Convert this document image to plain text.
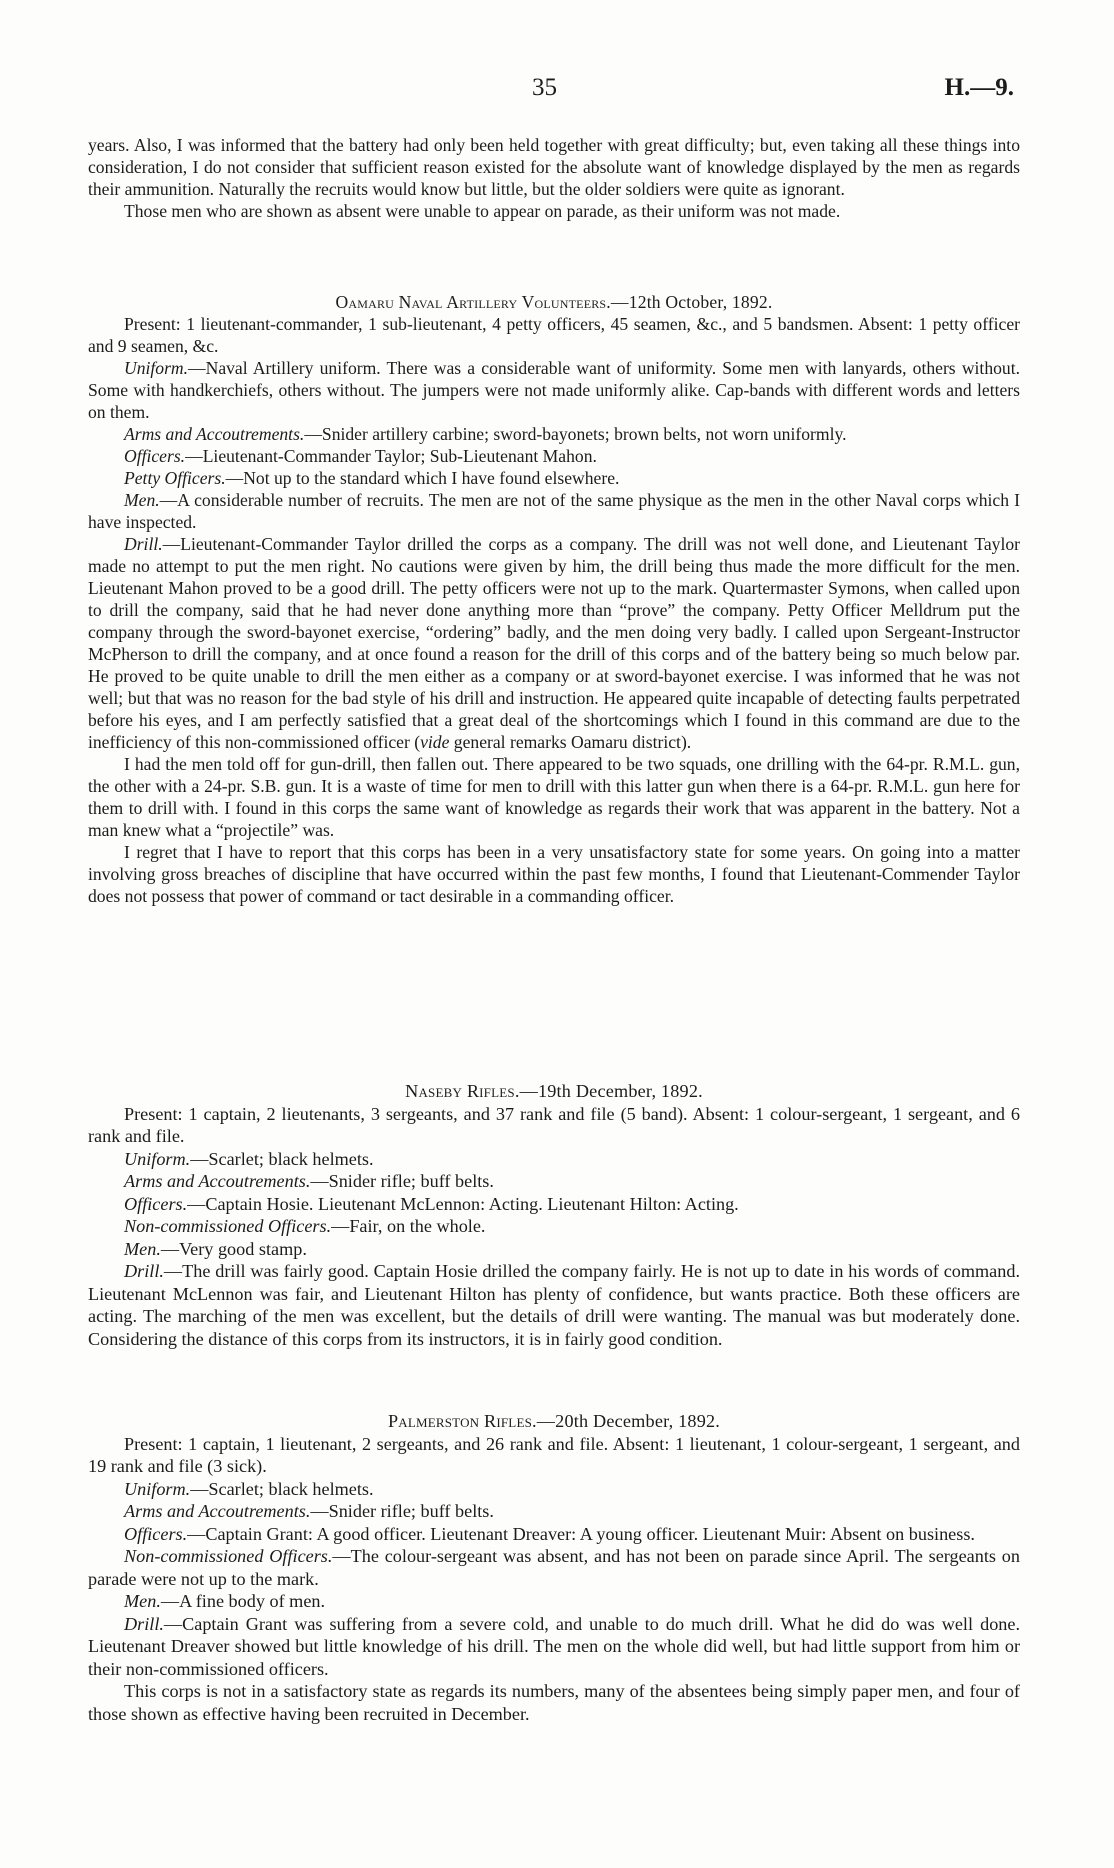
35	H.—9.

years. Also, I was informed that the battery had only been held together with great difficulty; but, even taking all these things into consideration, I do not consider that sufficient reason existed for the absolute want of knowledge displayed by the men as regards their ammunition. Naturally the recruits would know but little, but the older soldiers were quite as ignorant.

Those men who are shown as absent were unable to appear on parade, as their uniform was not made.

Oamaru Naval Artillery Volunteers.—12th October, 1892.

Present: 1 lieutenant-commander, 1 sub-lieutenant, 4 petty officers, 45 seamen, &c., and 5 bandsmen. Absent: 1 petty officer and 9 seamen, &c.

Uniform.—Naval Artillery uniform. There was a considerable want of uniformity. Some men with lanyards, others without. Some with handkerchiefs, others without. The jumpers were not made uniformly alike. Cap-bands with different words and letters on them.

Arms and Accoutrements.—Snider artillery carbine; sword-bayonets; brown belts, not worn uniformly.

Officers.—Lieutenant-Commander Taylor; Sub-Lieutenant Mahon.

Petty Officers.—Not up to the standard which I have found elsewhere.

Men.—A considerable number of recruits. The men are not of the same physique as the men in the other Naval corps which I have inspected.

Drill.—Lieutenant-Commander Taylor drilled the corps as a company. The drill was not well done, and Lieutenant Taylor made no attempt to put the men right. No cautions were given by him, the drill being thus made the more difficult for the men. Lieutenant Mahon proved to be a good drill. The petty officers were not up to the mark. Quartermaster Symons, when called upon to drill the company, said that he had never done anything more than “prove” the company. Petty Officer Melldrum put the company through the sword-bayonet exercise, “ordering” badly, and the men doing very badly. I called upon Sergeant-Instructor McPherson to drill the company, and at once found a reason for the drill of this corps and of the battery being so much below par. He proved to be quite unable to drill the men either as a company or at sword-bayonet exercise. I was informed that he was not well; but that was no reason for the bad style of his drill and instruction. He appeared quite incapable of detecting faults perpetrated before his eyes, and I am perfectly satisfied that a great deal of the shortcomings which I found in this command are due to the inefficiency of this non-commissioned officer (vide general remarks Oamaru district).

I had the men told off for gun-drill, then fallen out. There appeared to be two squads, one drilling with the 64-pr. R.M.L. gun, the other with a 24-pr. S.B. gun. It is a waste of time for men to drill with this latter gun when there is a 64-pr. R.M.L. gun here for them to drill with. I found in this corps the same want of knowledge as regards their work that was apparent in the battery. Not a man knew what a “projectile” was.

I regret that I have to report that this corps has been in a very unsatisfactory state for some years. On going into a matter involving gross breaches of discipline that have occurred within the past few months, I found that Lieutenant-Commender Taylor does not possess that power of command or tact desirable in a commanding officer.

Naseby Rifles.—19th December, 1892.

Present: 1 captain, 2 lieutenants, 3 sergeants, and 37 rank and file (5 band). Absent: 1 colour-sergeant, 1 sergeant, and 6 rank and file.

Uniform.—Scarlet; black helmets.

Arms and Accoutrements.—Snider rifle; buff belts.

Officers.—Captain Hosie. Lieutenant McLennon: Acting. Lieutenant Hilton: Acting.

Non-commissioned Officers.—Fair, on the whole.

Men.—Very good stamp.

Drill.—The drill was fairly good. Captain Hosie drilled the company fairly. He is not up to date in his words of command. Lieutenant McLennon was fair, and Lieutenant Hilton has plenty of confidence, but wants practice. Both these officers are acting. The marching of the men was excellent, but the details of drill were wanting. The manual was but moderately done. Considering the distance of this corps from its instructors, it is in fairly good condition.

Palmerston Rifles.—20th December, 1892.

Present: 1 captain, 1 lieutenant, 2 sergeants, and 26 rank and file. Absent: 1 lieutenant, 1 colour-sergeant, 1 sergeant, and 19 rank and file (3 sick).

Uniform.—Scarlet; black helmets.

Arms and Accoutrements.—Snider rifle; buff belts.

Officers.—Captain Grant: A good officer. Lieutenant Dreaver: A young officer. Lieutenant Muir: Absent on business.

Non-commissioned Officers.—The colour-sergeant was absent, and has not been on parade since April. The sergeants on parade were not up to the mark.

Men.—A fine body of men.

Drill.—Captain Grant was suffering from a severe cold, and unable to do much drill. What he did do was well done. Lieutenant Dreaver showed but little knowledge of his drill. The men on the whole did well, but had little support from him or their non-commissioned officers.

This corps is not in a satisfactory state as regards its numbers, many of the absentees being simply paper men, and four of those shown as effective having been recruited in December.
